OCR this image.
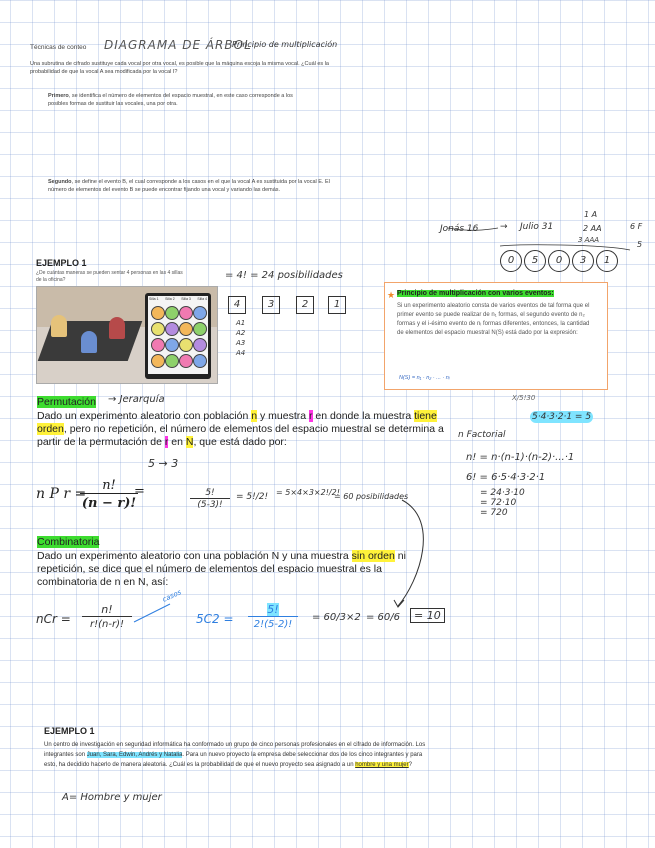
Técnicas de conteo DIAGRAMA DE ÁRBOL
Principio de multiplicación
Una subrutina de cifrado sustituye cada vocal por otra vocal, es posible que la máquina escoja la misma vocal. ¿Cuál es la probabilidad de que la vocal A sea modificada por la vocal I?
Primero, se identifica el número de elementos del espacio muestral, en este caso corresponde a los posibles formas de sustituir las vocales, una por otra.
Segundo, se define el evento B, el cual corresponde a los casos en el que la vocal A es sustituida por la vocal E. El número de elementos del evento B se puede encontrar fijando una vocal y variando las demás.
Jonás 16 → Julio 31
1 A
2 AA
3 AAA
6 F
5
0	5	0	3	1
EJEMPLO 1
¿De cuántas maneras se pueden sentar 4 personas en las 4 sillas de la oficina?
Silla 1 Silla 2 Silla 3 Silla 4
= 4! = 24 posibilidades
4	3	2	1
A1
A2
A3
A4
★ Principio de multiplicación con varios eventos:
Si un experimento aleatorio consta de varios eventos de tal forma que el primer evento se puede realizar de n₁ formas, el segundo evento de n₂ formas y el i-ésimo evento de nᵢ formas diferentes, entonces, la cantidad de elementos del espacio muestral N(S) está dado por la expresión:
N(S) = n₁ · n₂ · ... · nᵢ
Permutación → Jerarquía	X/5!30
Dado un experimento aleatorio con población n y muestra r en donde la muestra tiene orden, pero no repetición, el número de elementos del espacio muestral se determina a partir de la permutación de r en N, que está dado por:
5·4·3·2·1 = 5
n P r =
n!
(n − r)!
=
5 → 3
5!
(5-3)!
= 5!/2! = 5×4×3×2!/2!
= 60 posibilidades
n Factorial
n! = n·(n-1)·(n-2)·...·1
6! = 6·5·4·3·2·1
= 24·3·10
= 72·10
= 720
Combinatoria
Dado un experimento aleatorio con una población N y una muestra sin orden ni repetición, se dice que el número de elementos del espacio muestral es la combinatoria de n en N, así:
nCr =
n!
r!(n-r)!
casos
5C2 =
5!
2!(5-2)!
= 60/3×2 = 60/6	= 10
EJEMPLO 1
Un centro de investigación en seguridad informática ha conformado un grupo de cinco personas profesionales en el cifrado de información. Los integrantes son Juan, Sara, Edwin, Andrés y Natalia. Para un nuevo proyecto la empresa debe seleccionar dos de los cinco integrantes y para esto, ha decidido hacerlo de manera aleatoria. ¿Cuál es la probabilidad de que el nuevo proyecto sea asignado a un hombre y una mujer?
A= Hombre y mujer
